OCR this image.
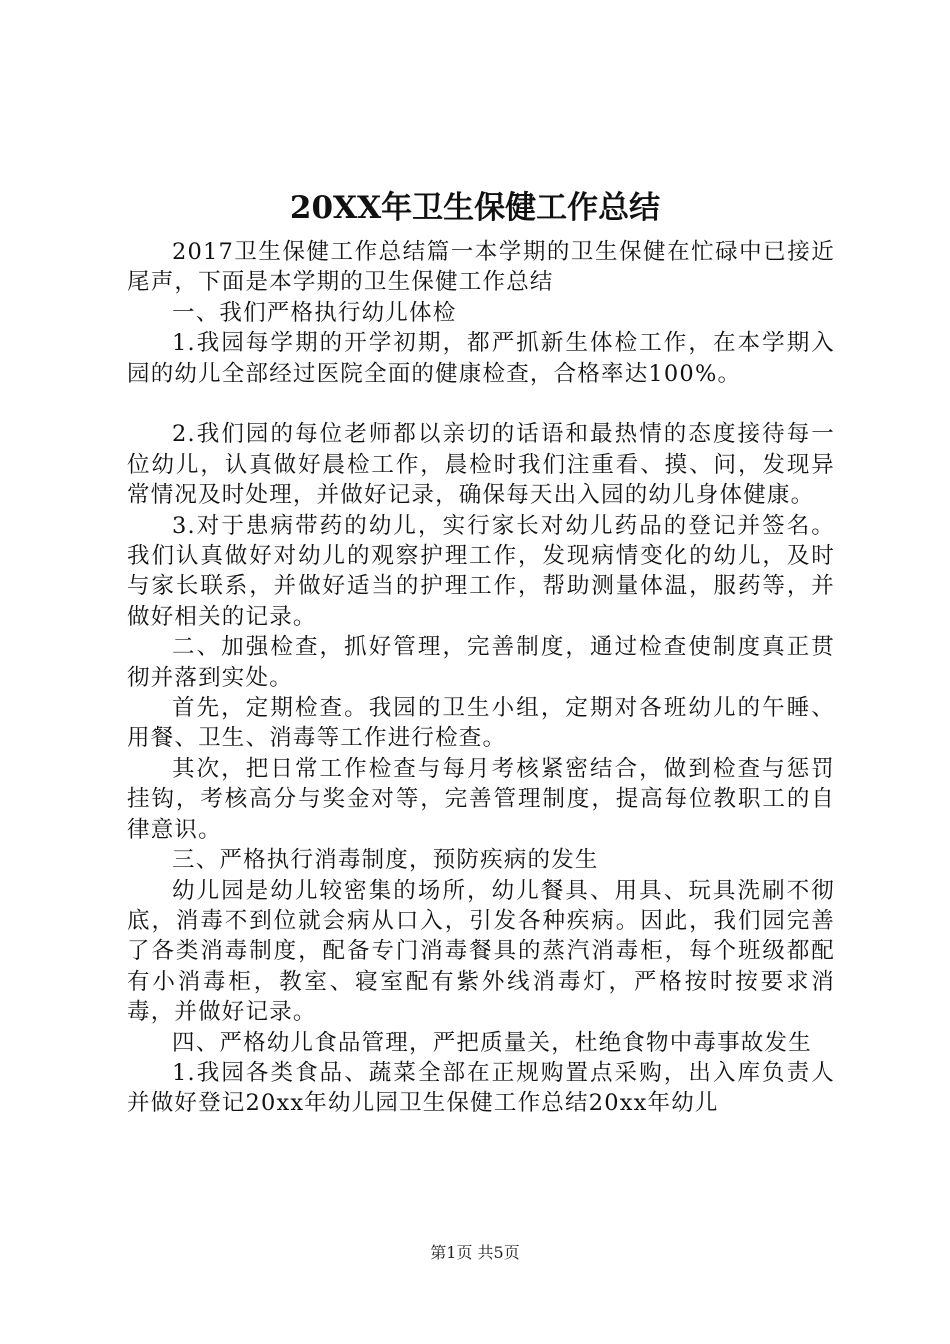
20XX年卫生保健工作总结

2017卫生保健工作总结篇一本学期的卫生保健在忙碌中已接近尾声，下面是本学期的卫生保健工作总结

一、我们严格执行幼儿体检

1.我园每学期的开学初期，都严抓新生体检工作，在本学期入园的幼儿全部经过医院全面的健康检查，合格率达100%。

2.我们园的每位老师都以亲切的话语和最热情的态度接待每一位幼儿，认真做好晨检工作，晨检时我们注重看、摸、问，发现异常情况及时处理，并做好记录，确保每天出入园的幼儿身体健康。

3.对于患病带药的幼儿，实行家长对幼儿药品的登记并签名。我们认真做好对幼儿的观察护理工作，发现病情变化的幼儿，及时与家长联系，并做好适当的护理工作，帮助测量体温，服药等，并做好相关的记录。

二、加强检查，抓好管理，完善制度，通过检查使制度真正贯彻并落到实处。

首先，定期检查。我园的卫生小组，定期对各班幼儿的午睡、用餐、卫生、消毒等工作进行检查。

其次，把日常工作检查与每月考核紧密结合，做到检查与惩罚挂钩，考核高分与奖金对等，完善管理制度，提高每位教职工的自律意识。

三、严格执行消毒制度，预防疾病的发生

幼儿园是幼儿较密集的场所，幼儿餐具、用具、玩具洗刷不彻底，消毒不到位就会病从口入，引发各种疾病。因此，我们园完善了各类消毒制度，配备专门消毒餐具的蒸汽消毒柜，每个班级都配有小消毒柜，教室、寝室配有紫外线消毒灯，严格按时按要求消毒，并做好记录。

四、严格幼儿食品管理，严把质量关，杜绝食物中毒事故发生

1.我园各类食品、蔬菜全部在正规购置点采购，出入库负责人并做好登记20xx年幼儿园卫生保健工作总结20xx年幼儿

第1页 共5页
